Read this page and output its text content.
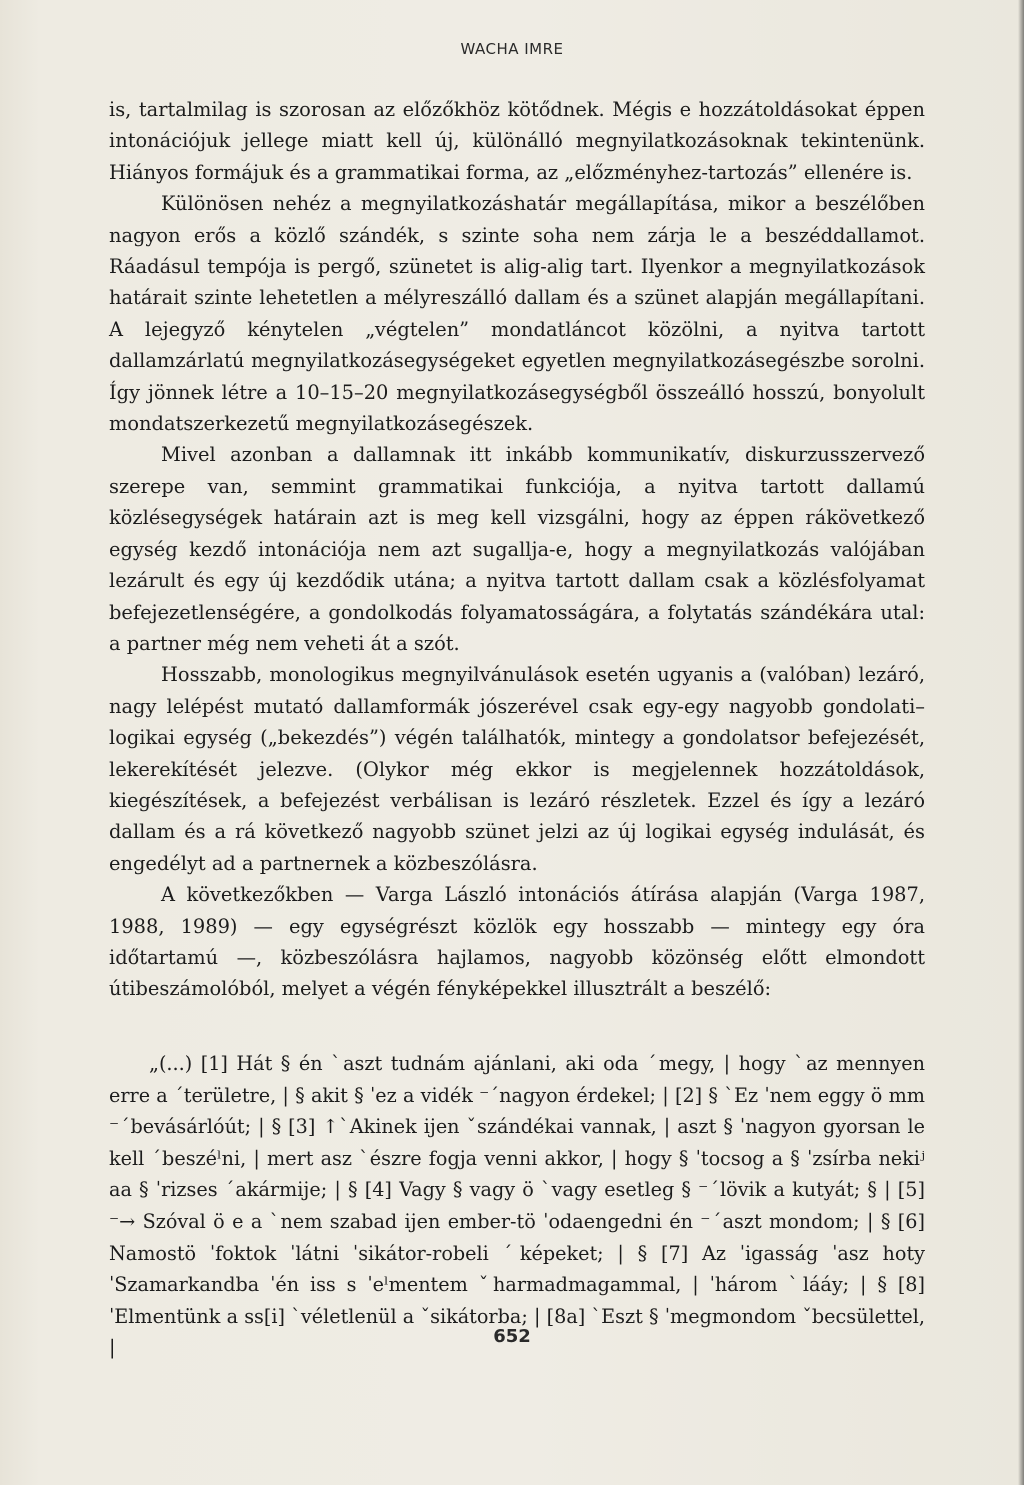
WACHA IMRE

is, tartalmilag is szorosan az előzőkhöz kötődnek. Mégis e hozzátoldásokat éppen intonációjuk jellege miatt kell új, különálló megnyilatkozásoknak tekintenünk. Hiányos formájuk és a grammatikai forma, az „előzményhez-tartozás” ellenére is.

Különösen nehéz a megnyilatkozáshatár megállapítása, mikor a beszélőben nagyon erős a közlő szándék, s szinte soha nem zárja le a beszéddallamot. Ráadásul tempója is pergő, szünetet is alig-alig tart. Ilyenkor a megnyilatkozások határait szinte lehetetlen a mélyreszálló dallam és a szünet alapján megállapítani. A lejegyző kénytelen „végtelen” mondatláncot közölni, a nyitva tartott dallamzárlatú megnyilatkozásegységeket egyetlen megnyilatkozásegészbe sorolni. Így jönnek létre a 10–15–20 megnyilatkozásegységből összeálló hosszú, bonyolult mondatszerkezetű megnyilatkozásegészek.

Mivel azonban a dallamnak itt inkább kommunikatív, diskurzusszervező szerepe van, semmint grammatikai funkciója, a nyitva tartott dallamú közlésegységek határain azt is meg kell vizsgálni, hogy az éppen rákövetkező egység kezdő intonációja nem azt sugallja-e, hogy a megnyilatkozás valójában lezárult és egy új kezdődik utána; a nyitva tartott dallam csak a közlésfolyamat befejezetlenségére, a gondolkodás folyamatosságára, a folytatás szándékára utal: a partner még nem veheti át a szót.

Hosszabb, monologikus megnyilvánulások esetén ugyanis a (valóban) lezáró, nagy lelépést mutató dallamformák jószerével csak egy-egy nagyobb gondolati–logikai egység („bekezdés”) végén találhatók, mintegy a gondolatsor befejezését, lekerekítését jelezve. (Olykor még ekkor is megjelennek hozzátoldások, kiegészítések, a befejezést verbálisan is lezáró részletek. Ezzel és így a lezáró dallam és a rá következő nagyobb szünet jelzi az új logikai egység indulását, és engedélyt ad a partnernek a közbeszólásra.

A következőkben — Varga László intonációs átírása alapján (Varga 1987, 1988, 1989) — egy egységrészt közlök egy hosszabb — mintegy egy óra időtartamú —, közbeszólásra hajlamos, nagyobb közönség előtt elmondott útibeszámolóból, melyet a végén fényképekkel illusztrált a beszélő:

„(...) [1] Hát § én ˋaszt tudnám ajánlani, aki oda ˊmegy, | hogy ˋaz mennyen erre a ˊterületre, | § akit § ˈez a vidék ⁻ˊnagyon érdekel; | [2] § ˋEz ˈnem eggy ö mm ⁻ˊbevásárlóút; | § [3] ↑ˋAkinek ijen ˇszándékai vannak, | aszt § ˈnagyon gyorsan le kell ˊbeszéˡni, | mert asz ˋészre fogja venni akkor, | hogy § ˈtocsog a § ˈzsírba nekiʲ aa § ˈrizses ˊakármije; | § [4] Vagy § vagy ö ˋvagy esetleg § ⁻ˊlövik a kutyát; § | [5] ⁻→ Szóval ö e a ˋnem szabad ijen ember-tö ˈodaengedni én ⁻ˊaszt mondom; | § [6] Namostö ˈfoktok ˈlátni ˈsikátor-robeli ˊképeket; | § [7] Az ˈigasság ˈasz hoty ˈSzamarkandba ˈén iss s ˈeˡmentem ˇharmadmagammal, | ˈhárom ˋlááy; | § [8] ˈElmentünk a ss[i] ˋvéletlenül a ˇsikátorba; | [8a] ˋEszt § ˈmegmondom ˇbecsülettel, |	652
